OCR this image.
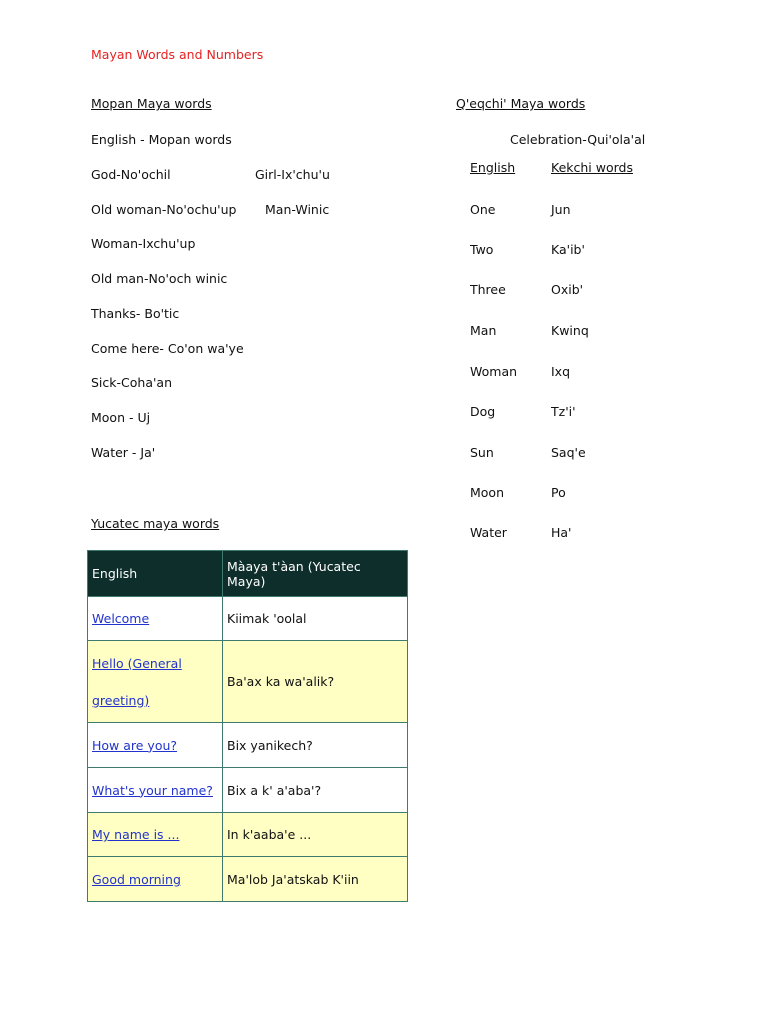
Mayan Words and Numbers
Mopan Maya words
English - Mopan words
God-No'ochil
Old woman-No'ochu'up
Woman-Ixchu'up
Old man-No'och winic
Thanks- Bo'tic
Come here- Co'on wa'ye
Sick-Coha'an
Moon - Uj
Water - Ja'
Girl-Ix'chu'u
Man-Winic
Q'eqchi' Maya words
Celebration-Qui'ola'al
English	Kekchi words
One	Jun
Two	Ka'ib'
Three	Oxib'
Man	Kwinq
Woman	Ixq
Dog	Tz'i'
Sun	Saq'e
Moon	Po
Water	Ha'
Yucatec maya words
English	Màaya t'àan (Yucatec Maya)
Welcome	Kiimak 'oolal

Hello (General
greeting)	Ba'ax ka wa'alik?
How are you?	Bix yanikech?
What's your name?	Bix a k' a'aba'?
My name is ...	In k'aaba'e ...
Good morning	Ma'lob Ja'atskab K'iin
